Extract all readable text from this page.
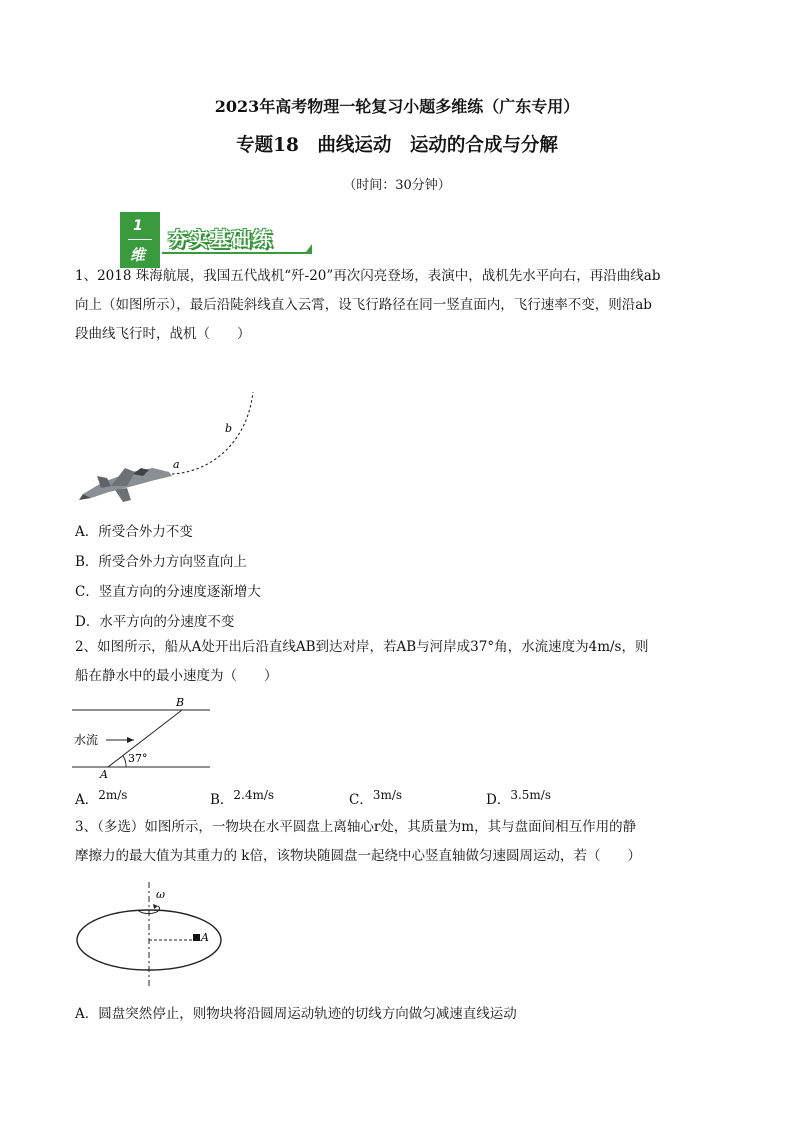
2023年高考物理一轮复习小题多维练（广东专用）
专题18　曲线运动　运动的合成与分解
（时间：30分钟）
1
维
夯实基础练
1、2018 珠海航展，我国五代战机“歼-20”再次闪亮登场，表演中，战机先水平向右，再沿曲线ab
向上（如图所示），最后沿陡斜线直入云霄，设飞行路径在同一竖直面内，飞行速率不变，则沿ab
段曲线飞行时，战机（　　）
a
b
A．所受合外力不变
B．所受合外力方向竖直向上
C．竖直方向的分速度逐渐增大
D．水平方向的分速度不变
2、如图所示，船从A处开出后沿直线AB到达对岸，若AB与河岸成37°角，水流速度为4m/s，则
船在静水中的最小速度为（　　）
水流
37°
A
B
A．2m/s	B．2.4m/s	C．3m/s	D．3.5m/s
3、（多选）如图所示，一物块在水平圆盘上离轴心r处，其质量为m，其与盘面间相互作用的静
摩擦力的最大值为其重力的 k倍，该物块随圆盘一起绕中心竖直轴做匀速圆周运动，若（　　）
ω
A
A．圆盘突然停止，则物块将沿圆周运动轨迹的切线方向做匀减速直线运动
